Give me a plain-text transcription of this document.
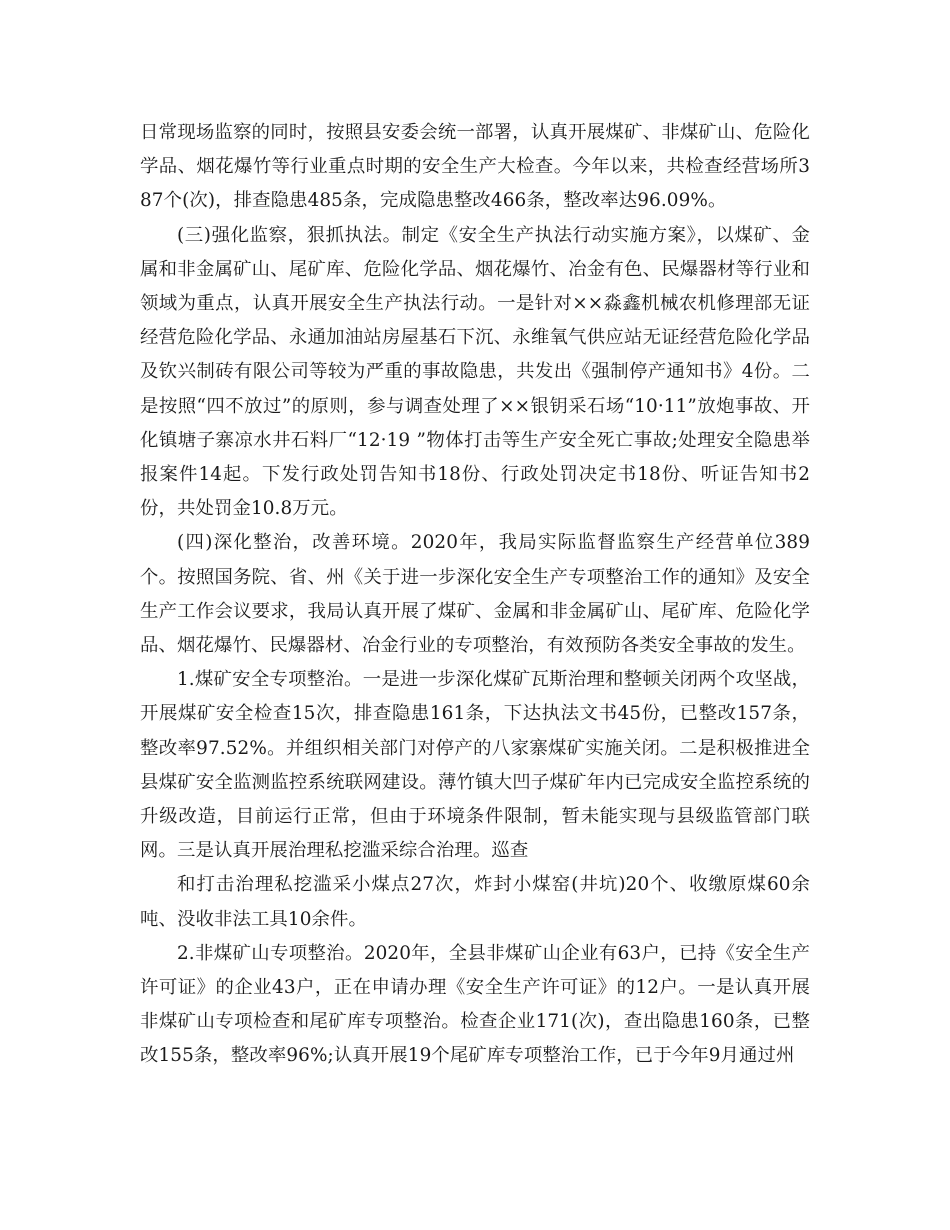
日常现场监察的同时，按照县安委会统一部署，认真开展煤矿、非煤矿山、危险化学品、烟花爆竹等行业重点时期的安全生产大检查。今年以来，共检查经营场所387个(次)，排查隐患485条，完成隐患整改466条，整改率达96.09%。

(三)强化监察，狠抓执法。制定《安全生产执法行动实施方案》，以煤矿、金属和非金属矿山、尾矿库、危险化学品、烟花爆竹、冶金有色、民爆器材等行业和领域为重点，认真开展安全生产执法行动。一是针对××淼鑫机械农机修理部无证经营危险化学品、永通加油站房屋基石下沉、永维氧气供应站无证经营危险化学品及钦兴制砖有限公司等较为严重的事故隐患，共发出《强制停产通知书》4份。二是按照“四不放过”的原则，参与调查处理了××银钥采石场“10·11”放炮事故、开化镇塘子寨凉水井石料厂“12·19 ”物体打击等生产安全死亡事故;处理安全隐患举报案件14起。下发行政处罚告知书18份、行政处罚决定书18份、听证告知书2份，共处罚金10.8万元。

(四)深化整治，改善环境。2020年，我局实际监督监察生产经营单位389个。按照国务院、省、州《关于进一步深化安全生产专项整治工作的通知》及安全生产工作会议要求，我局认真开展了煤矿、金属和非金属矿山、尾矿库、危险化学品、烟花爆竹、民爆器材、冶金行业的专项整治，有效预防各类安全事故的发生。

1.煤矿安全专项整治。一是进一步深化煤矿瓦斯治理和整顿关闭两个攻坚战，开展煤矿安全检查15次，排查隐患161条，下达执法文书45份，已整改157条，整改率97.52%。并组织相关部门对停产的八家寨煤矿实施关闭。二是积极推进全县煤矿安全监测监控系统联网建设。薄竹镇大凹子煤矿年内已完成安全监控系统的升级改造，目前运行正常，但由于环境条件限制，暂未能实现与县级监管部门联网。三是认真开展治理私挖滥采综合治理。巡查

和打击治理私挖滥采小煤点27次，炸封小煤窑(井坑)20个、收缴原煤60余吨、没收非法工具10余件。

2.非煤矿山专项整治。2020年，全县非煤矿山企业有63户，已持《安全生产许可证》的企业43户，正在申请办理《安全生产许可证》的12户。一是认真开展非煤矿山专项检查和尾矿库专项整治。检查企业171(次)，查出隐患160条，已整改155条，整改率96%;认真开展19个尾矿库专项整治工作，已于今年9月通过州
